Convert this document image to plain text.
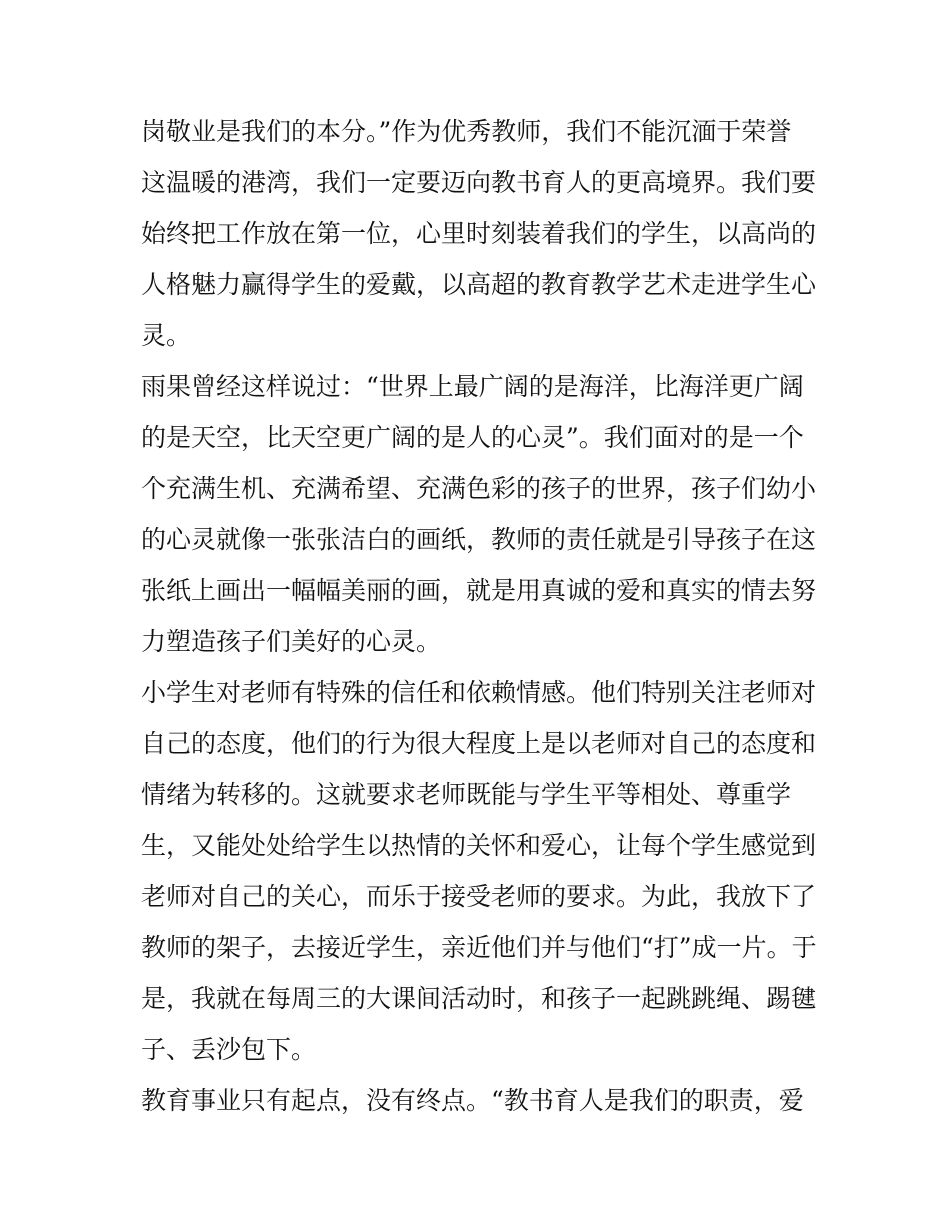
岗敬业是我们的本分。”作为优秀教师，我们不能沉湎于荣誉
这温暖的港湾，我们一定要迈向教书育人的更高境界。我们要
始终把工作放在第一位，心里时刻装着我们的学生，以高尚的
人格魅力赢得学生的爱戴，以高超的教育教学艺术走进学生心
灵。
雨果曾经这样说过：“世界上最广阔的是海洋，比海洋更广阔
的是天空，比天空更广阔的是人的心灵”。我们面对的是一个
个充满生机、充满希望、充满色彩的孩子的世界，孩子们幼小
的心灵就像一张张洁白的画纸，教师的责任就是引导孩子在这
张纸上画出一幅幅美丽的画，就是用真诚的爱和真实的情去努
力塑造孩子们美好的心灵。
小学生对老师有特殊的信任和依赖情感。他们特别关注老师对
自己的态度，他们的行为很大程度上是以老师对自己的态度和
情绪为转移的。这就要求老师既能与学生平等相处、尊重学
生，又能处处给学生以热情的关怀和爱心，让每个学生感觉到
老师对自己的关心，而乐于接受老师的要求。为此，我放下了
教师的架子，去接近学生，亲近他们并与他们“打”成一片。于
是，我就在每周三的大课间活动时，和孩子一起跳跳绳、踢毽
子、丢沙包下。
教育事业只有起点，没有终点。“教书育人是我们的职责，爱
